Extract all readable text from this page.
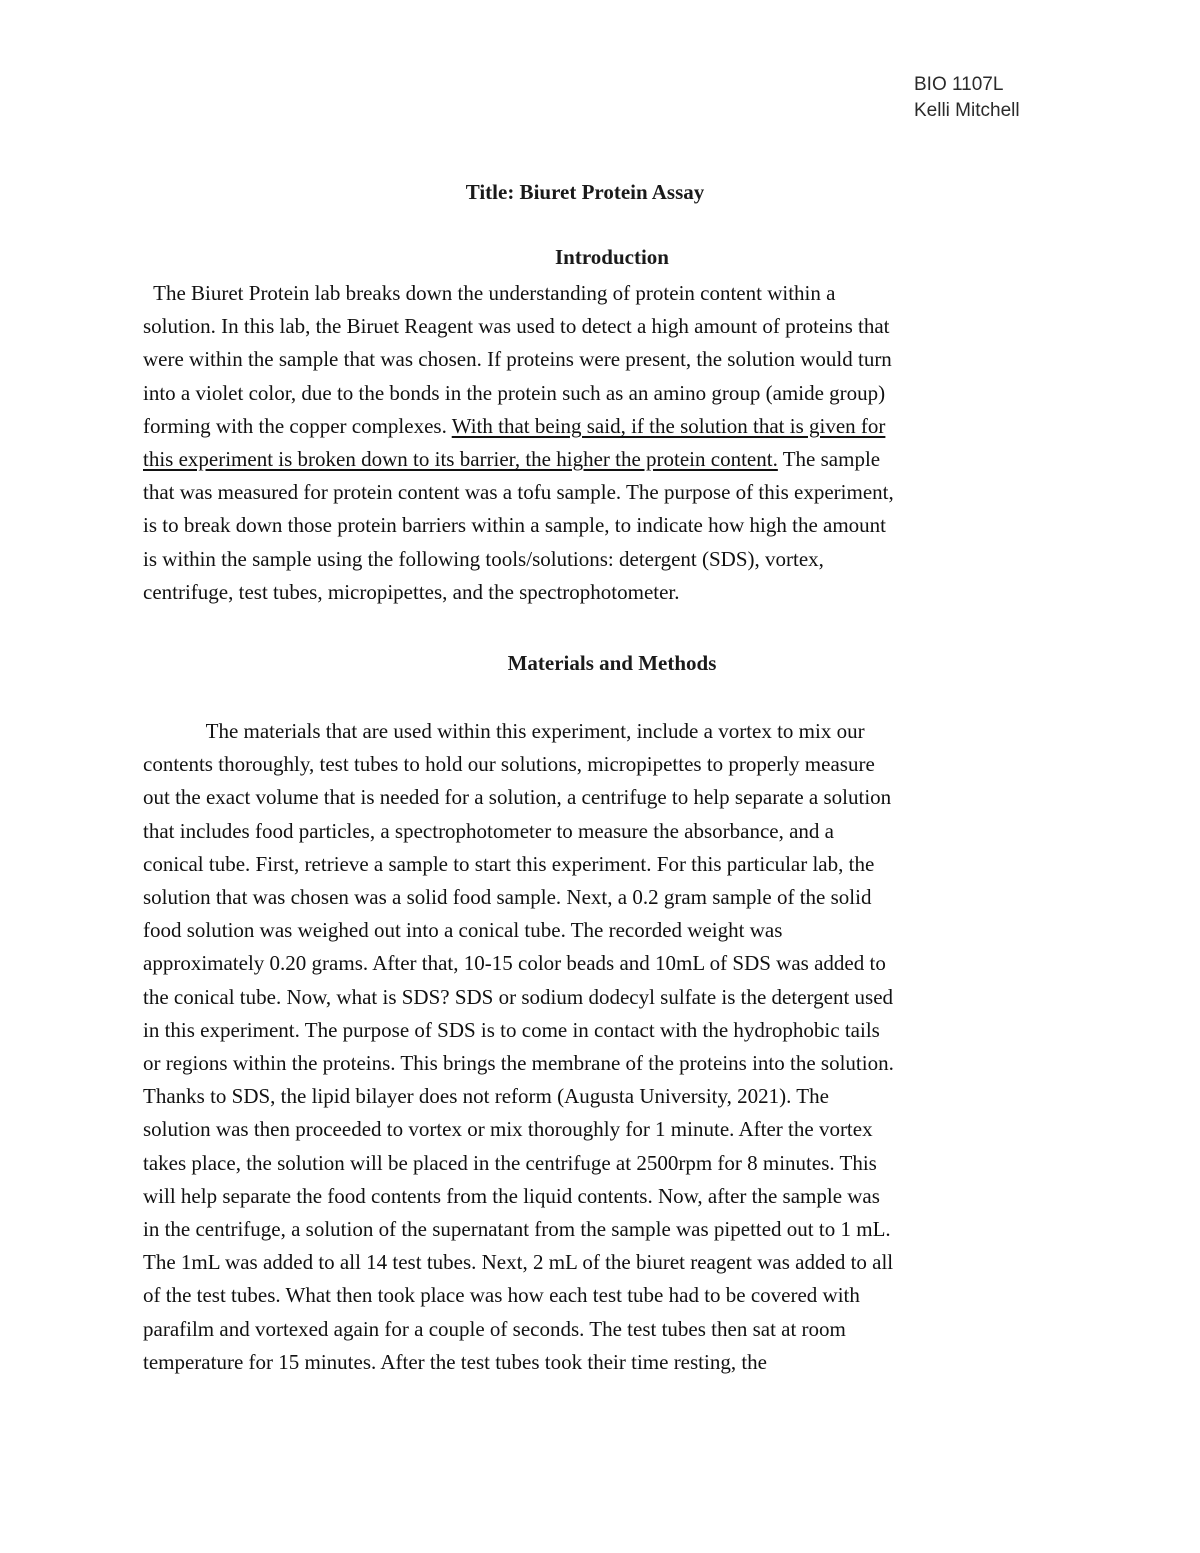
BIO 1107L
Kelli Mitchell
Title: Biuret Protein Assay
Introduction
The Biuret Protein lab breaks down the understanding of protein content within a
solution. In this lab, the Biruet Reagent was used to detect a high amount of proteins that
were within the sample that was chosen. If proteins were present, the solution would turn
into a violet color, due to the bonds in the protein such as an amino group (amide group)
forming with the copper complexes. With that being said, if the solution that is given for
this experiment is broken down to its barrier, the higher the protein content. The sample
that was measured for protein content was a tofu sample. The purpose of this experiment,
is to break down those protein barriers within a sample, to indicate how high the amount
is within the sample using the following tools/solutions: detergent (SDS), vortex,
centrifuge, test tubes, micropipettes, and the spectrophotometer.
Materials and Methods
The materials that are used within this experiment, include a vortex to mix our
contents thoroughly, test tubes to hold our solutions, micropipettes to properly measure
out the exact volume that is needed for a solution, a centrifuge to help separate a solution
that includes food particles, a spectrophotometer to measure the absorbance, and a
conical tube. First, retrieve a sample to start this experiment. For this particular lab, the
solution that was chosen was a solid food sample. Next, a 0.2 gram sample of the solid
food solution was weighed out into a conical tube. The recorded weight was
approximately 0.20 grams. After that, 10-15 color beads and 10mL of SDS was added to
the conical tube. Now, what is SDS? SDS or sodium dodecyl sulfate is the detergent used
in this experiment. The purpose of SDS is to come in contact with the hydrophobic tails
or regions within the proteins. This brings the membrane of the proteins into the solution.
Thanks to SDS, the lipid bilayer does not reform (Augusta University, 2021). The
solution was then proceeded to vortex or mix thoroughly for 1 minute. After the vortex
takes place, the solution will be placed in the centrifuge at 2500rpm for 8 minutes. This
will help separate the food contents from the liquid contents. Now, after the sample was
in the centrifuge, a solution of the supernatant from the sample was pipetted out to 1 mL.
The 1mL was added to all 14 test tubes. Next, 2 mL of the biuret reagent was added to all
of the test tubes. What then took place was how each test tube had to be covered with
parafilm and vortexed again for a couple of seconds. The test tubes then sat at room
temperature for 15 minutes. After the test tubes took their time resting, the
